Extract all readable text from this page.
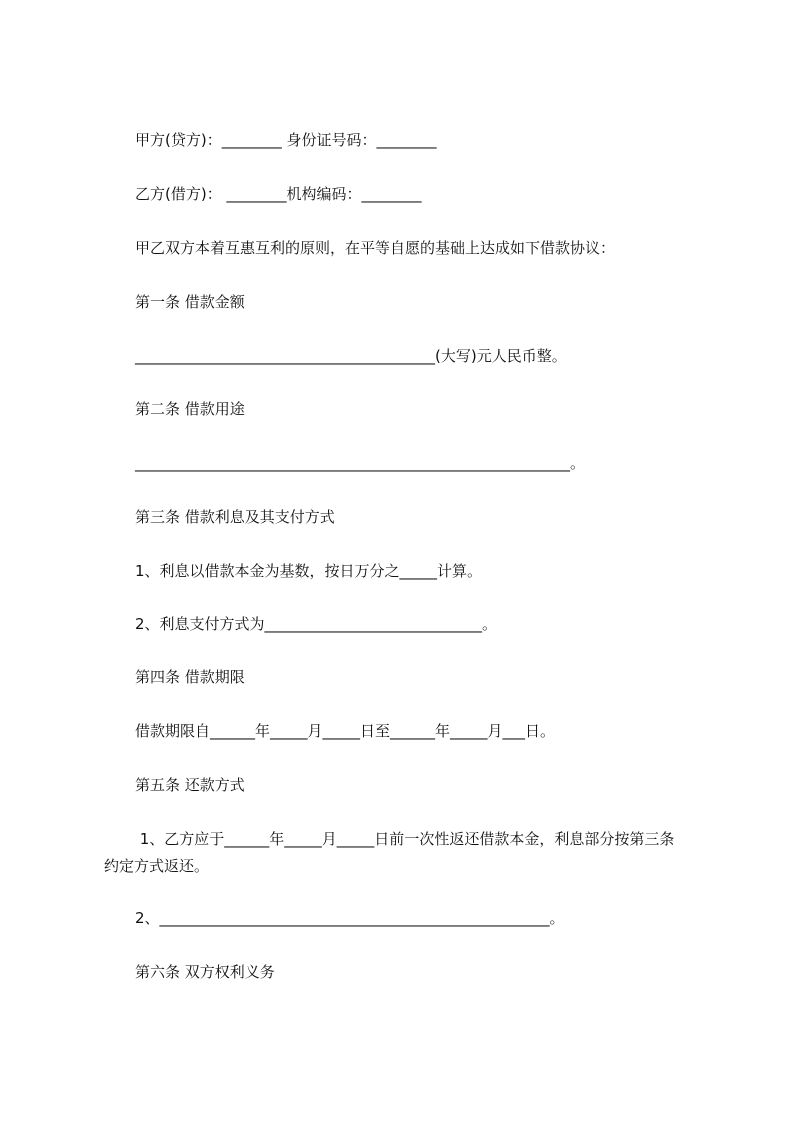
甲方(贷方)：________ 身份证号码：________
乙方(借方)： ________机构编码：________
甲乙双方本着互惠互利的原则，在平等自愿的基础上达成如下借款协议：
第一条 借款金额
________________________________________(大写)元人民币整。
第二条 借款用途
__________________________________________________________。
第三条 借款利息及其支付方式
1、利息以借款本金为基数，按日万分之_____计算。
2、利息支付方式为_____________________________。
第四条 借款期限
借款期限自______年_____月_____日至______年_____月___日。
第五条 还款方式
1、乙方应于______年_____月_____日前一次性返还借款本金，利息部分按第三条
约定方式返还。
2、____________________________________________________。
第六条 双方权利义务
